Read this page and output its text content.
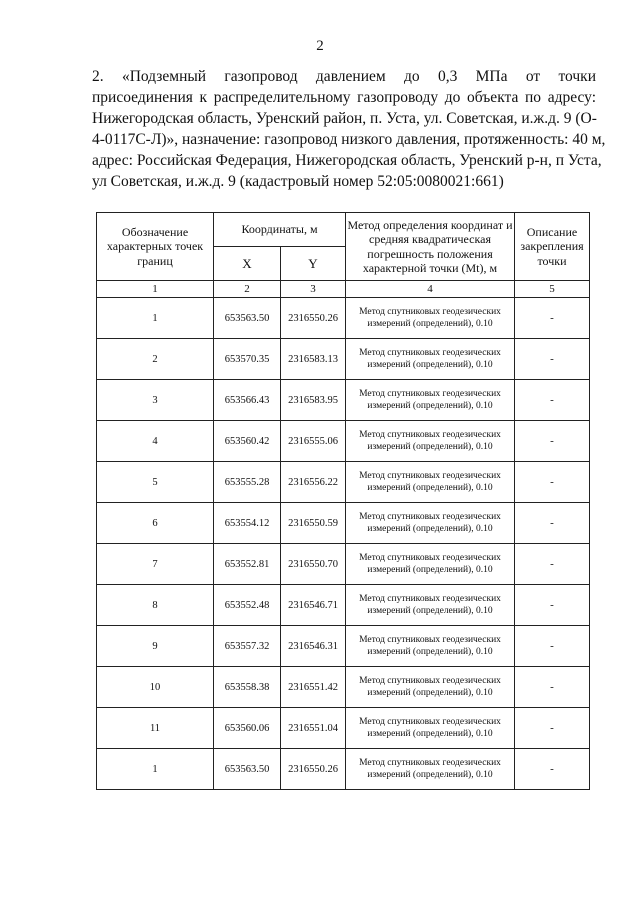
2
2. «Подземный газопровод давлением до 0,3 МПа от точки
присоединения к распределительному газопроводу до объекта по адресу:
Нижегородская область, Уренский район, п. Уста, ул. Советская, и.ж.д. 9 (О-
4-0117С-Л)», назначение: газопровод низкого давления, протяженность: 40 м,
адрес: Российская Федерация, Нижегородская область, Уренский р-н, п Уста,
ул Советская, и.ж.д. 9 (кадастровый номер 52:05:0080021:661)
Обозначение характерных точек границ	Координаты, м		Метод определения координат и средняя квадратическая погрешность положения характерной точки (Mt), м	Описание закрепления точки
	X	Y		
1	2	3	4	5
1	653563.50	2316550.26	Метод спутниковых геодезических измерений (определений), 0.10	-
2	653570.35	2316583.13	Метод спутниковых геодезических измерений (определений), 0.10	-
3	653566.43	2316583.95	Метод спутниковых геодезических измерений (определений), 0.10	-
4	653560.42	2316555.06	Метод спутниковых геодезических измерений (определений), 0.10	-
5	653555.28	2316556.22	Метод спутниковых геодезических измерений (определений), 0.10	-
6	653554.12	2316550.59	Метод спутниковых геодезических измерений (определений), 0.10	-
7	653552.81	2316550.70	Метод спутниковых геодезических измерений (определений), 0.10	-
8	653552.48	2316546.71	Метод спутниковых геодезических измерений (определений), 0.10	-
9	653557.32	2316546.31	Метод спутниковых геодезических измерений (определений), 0.10	-
10	653558.38	2316551.42	Метод спутниковых геодезических измерений (определений), 0.10	-
11	653560.06	2316551.04	Метод спутниковых геодезических измерений (определений), 0.10	-
1	653563.50	2316550.26	Метод спутниковых геодезических измерений (определений), 0.10	-
